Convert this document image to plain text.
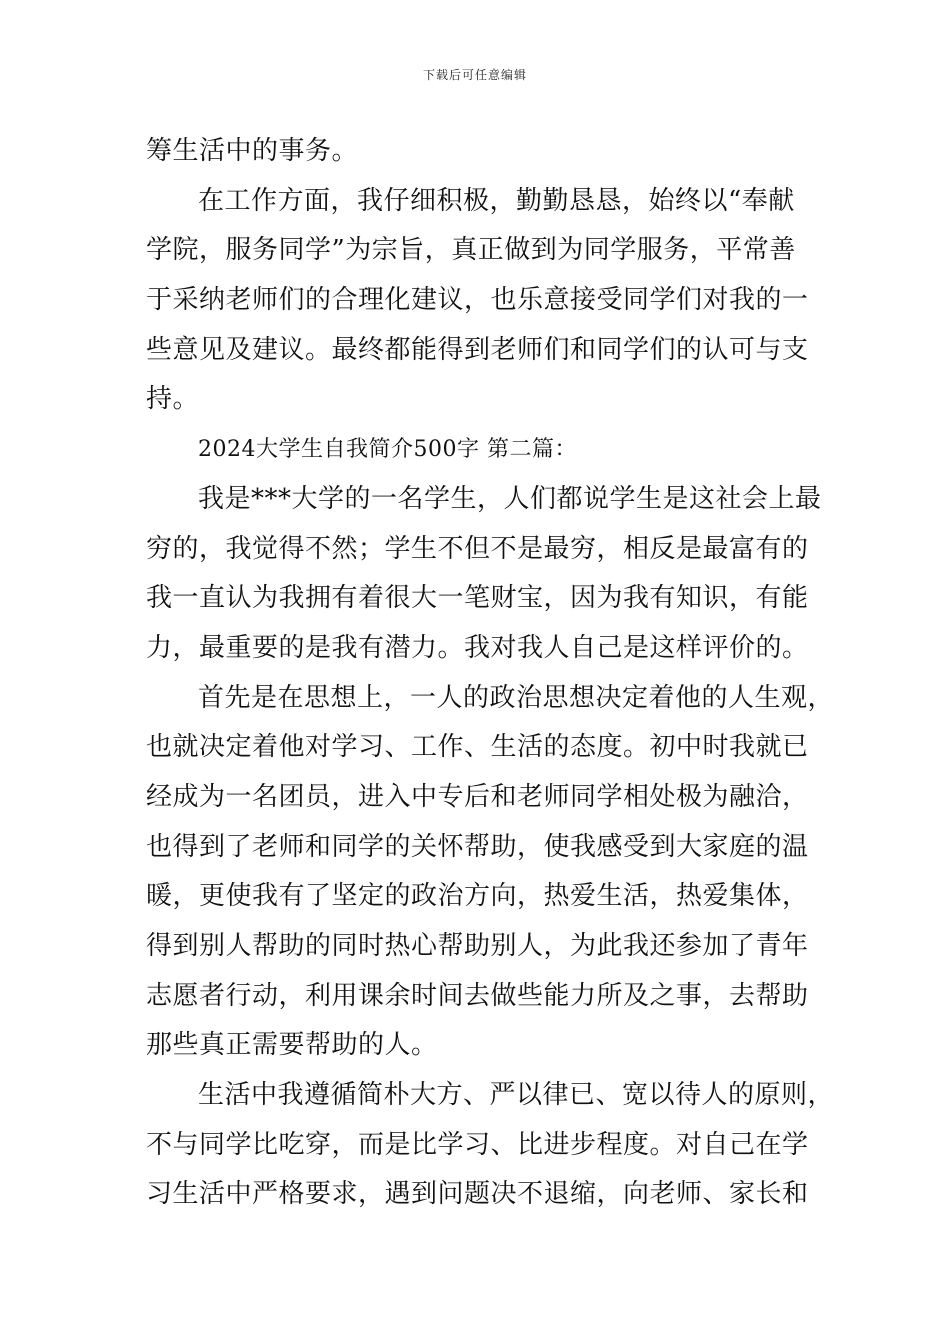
下载后可任意编辑
筹生活中的事务。
在工作方面，我仔细积极，勤勤恳恳，始终以“奉献
学院，服务同学”为宗旨，真正做到为同学服务，平常善
于采纳老师们的合理化建议，也乐意接受同学们对我的一
些意见及建议。最终都能得到老师们和同学们的认可与支
持。
2024大学生自我简介500字 第二篇：
我是***大学的一名学生，人们都说学生是这社会上最
穷的，我觉得不然；学生不但不是最穷，相反是最富有的
我一直认为我拥有着很大一笔财宝，因为我有知识，有能
力，最重要的是我有潜力。我对我人自己是这样评价的。
首先是在思想上，一人的政治思想决定着他的人生观，
也就决定着他对学习、工作、生活的态度。初中时我就已
经成为一名团员，进入中专后和老师同学相处极为融洽，
也得到了老师和同学的关怀帮助，使我感受到大家庭的温
暖，更使我有了坚定的政治方向，热爱生活，热爱集体，
得到别人帮助的同时热心帮助别人，为此我还参加了青年
志愿者行动，利用课余时间去做些能力所及之事，去帮助
那些真正需要帮助的人。
生活中我遵循简朴大方、严以律已、宽以待人的原则，
不与同学比吃穿，而是比学习、比进步程度。对自己在学
习生活中严格要求，遇到问题决不退缩，向老师、家长和
